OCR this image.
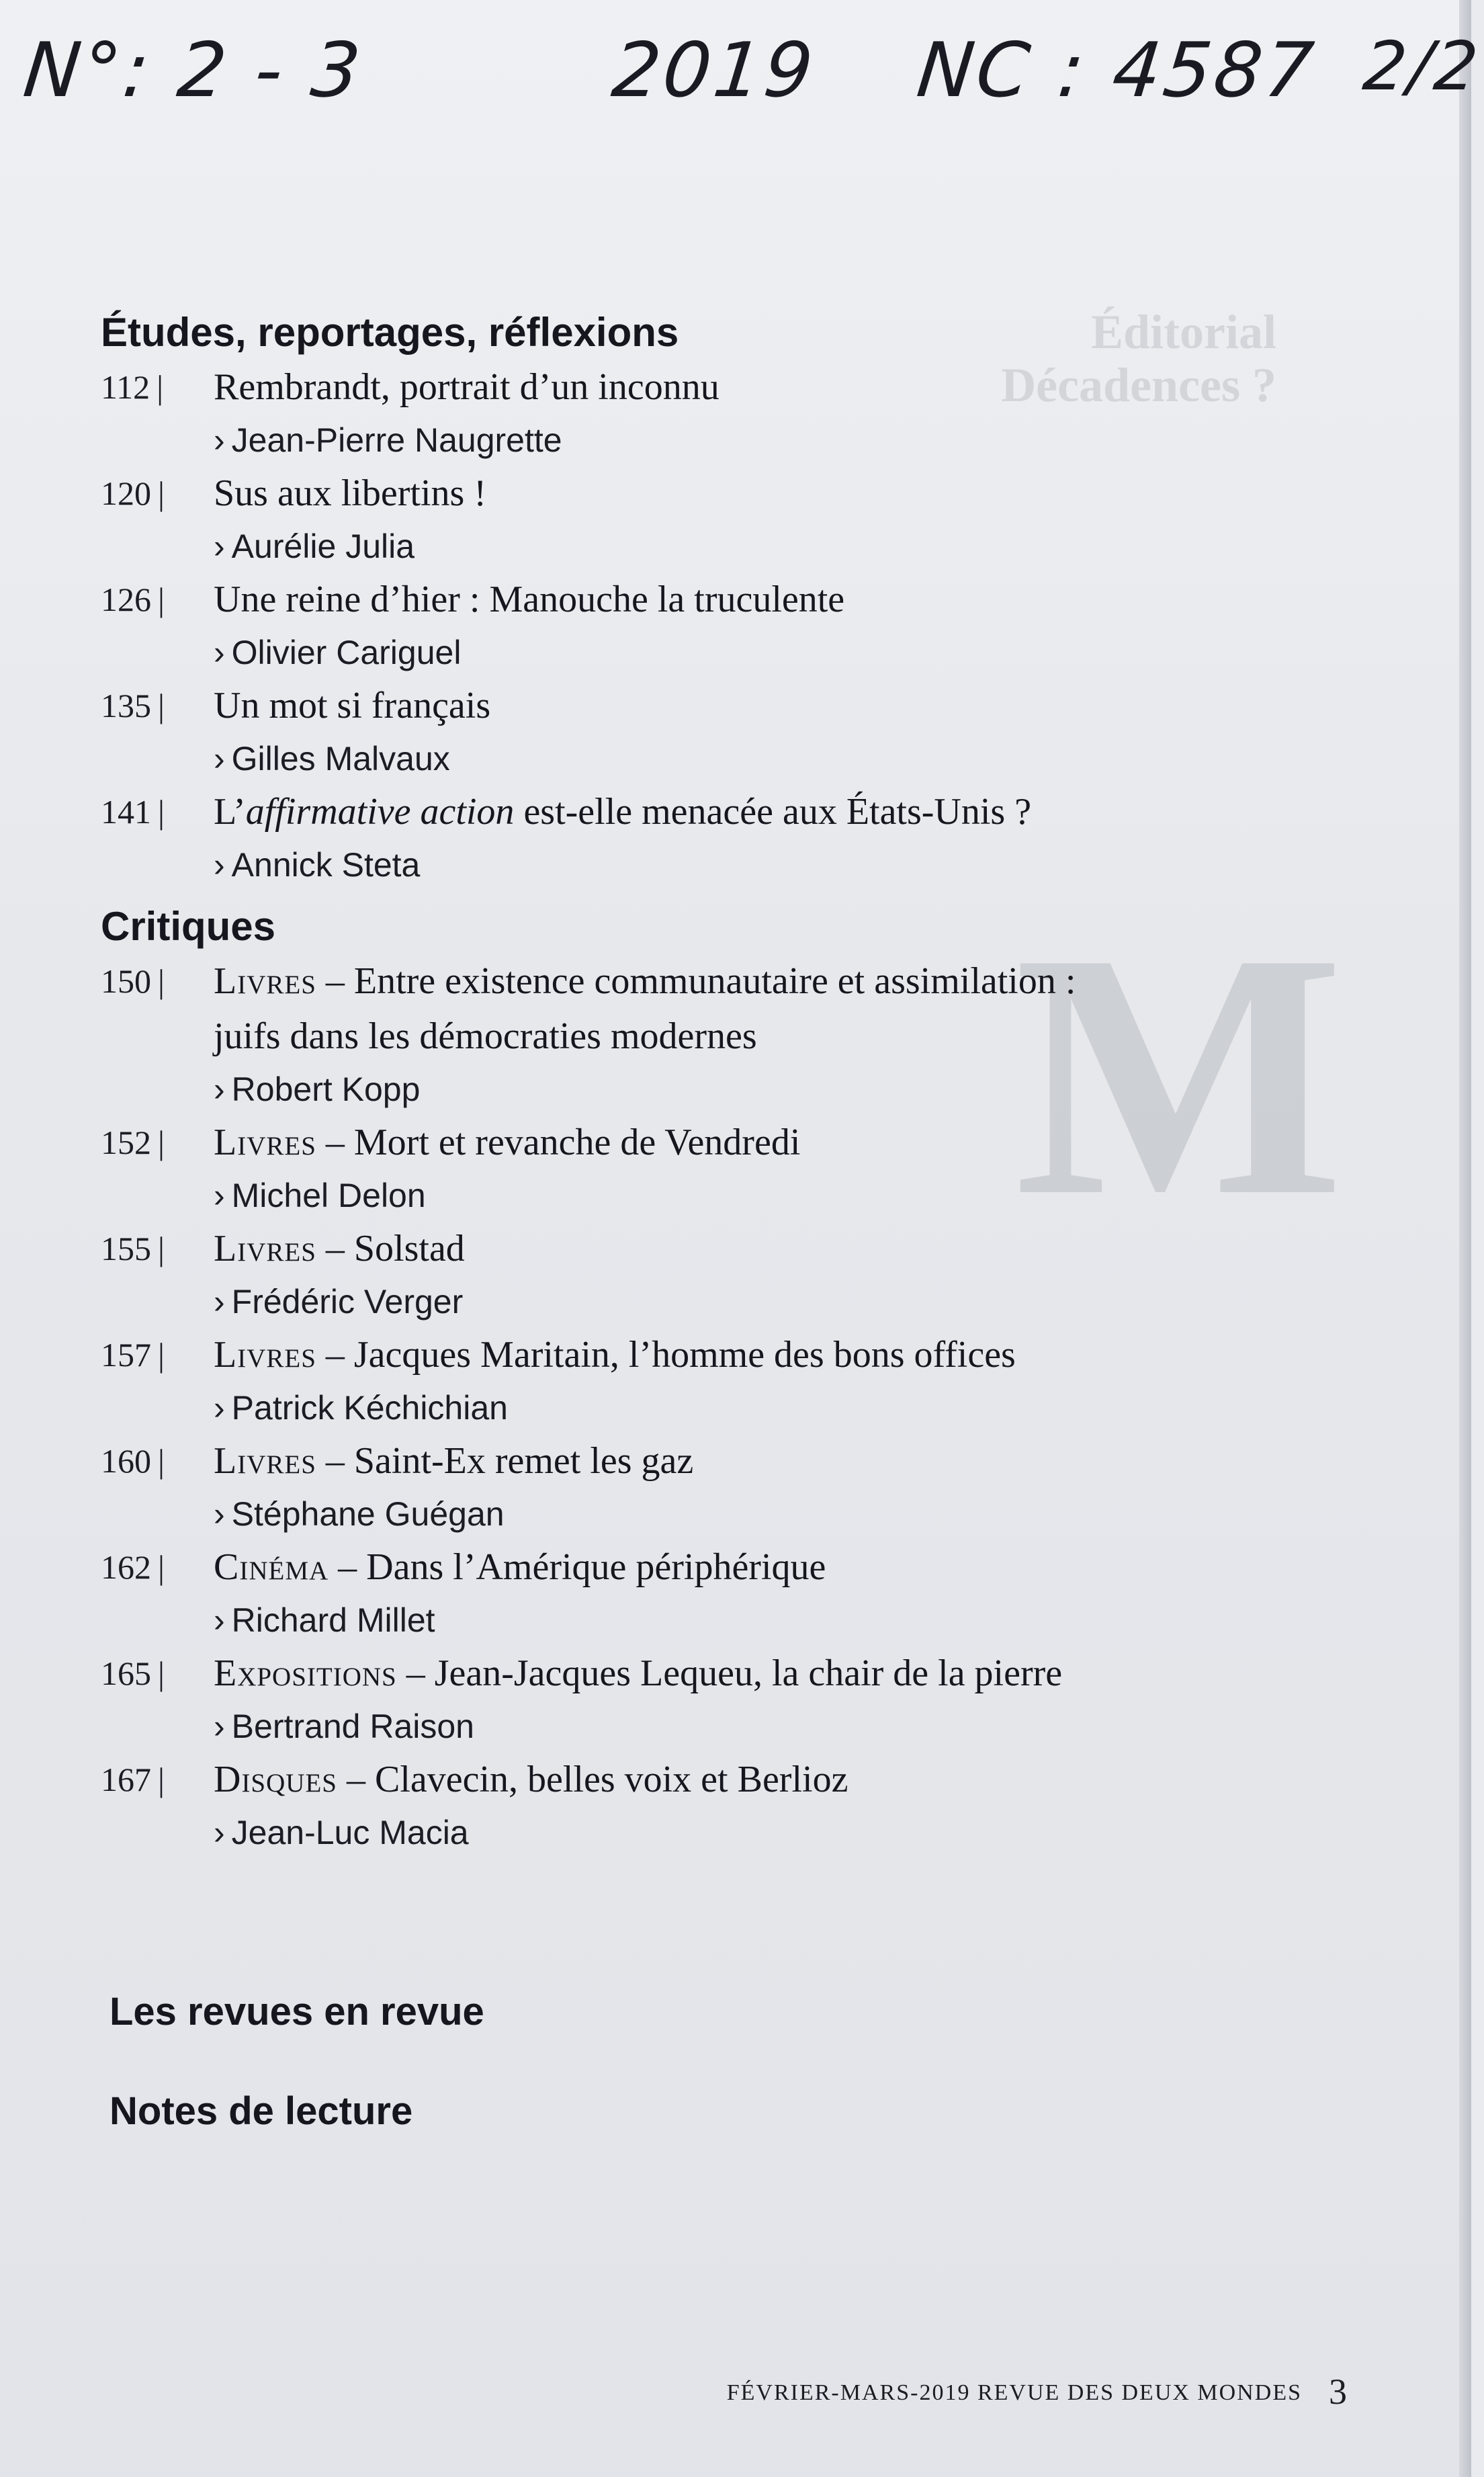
Éditorial
Décadences ?
M
N°: 2 - 3	2019 NC : 4587 2/2
Études, reportages, réflexions
112 |	Rembrandt, portrait d’un inconnu
› Jean-Pierre Naugrette
120 |	Sus aux libertins !
› Aurélie Julia
126 |	Une reine d’hier : Manouche la truculente
› Olivier Cariguel
135 |	Un mot si français
› Gilles Malvaux
141 |	L’affirmative action est-elle menacée aux États-Unis ?
› Annick Steta
Critiques
150 |	Livres – Entre existence communautaire et assimilation :
juifs dans les démocraties modernes
› Robert Kopp
152 |	Livres – Mort et revanche de Vendredi
› Michel Delon
155 |	Livres – Solstad
› Frédéric Verger
157 |	Livres – Jacques Maritain, l’homme des bons offices
› Patrick Kéchichian
160 |	Livres – Saint-Ex remet les gaz
› Stéphane Guégan
162 |	Cinéma – Dans l’Amérique périphérique
› Richard Millet
165 |	Expositions – Jean-Jacques Lequeu, la chair de la pierre
› Bertrand Raison
167 |	Disques – Clavecin, belles voix et Berlioz
› Jean-Luc Macia
Les revues en revue
Notes de lecture
FÉVRIER-MARS-2019 REVUE DES DEUX MONDES 3
